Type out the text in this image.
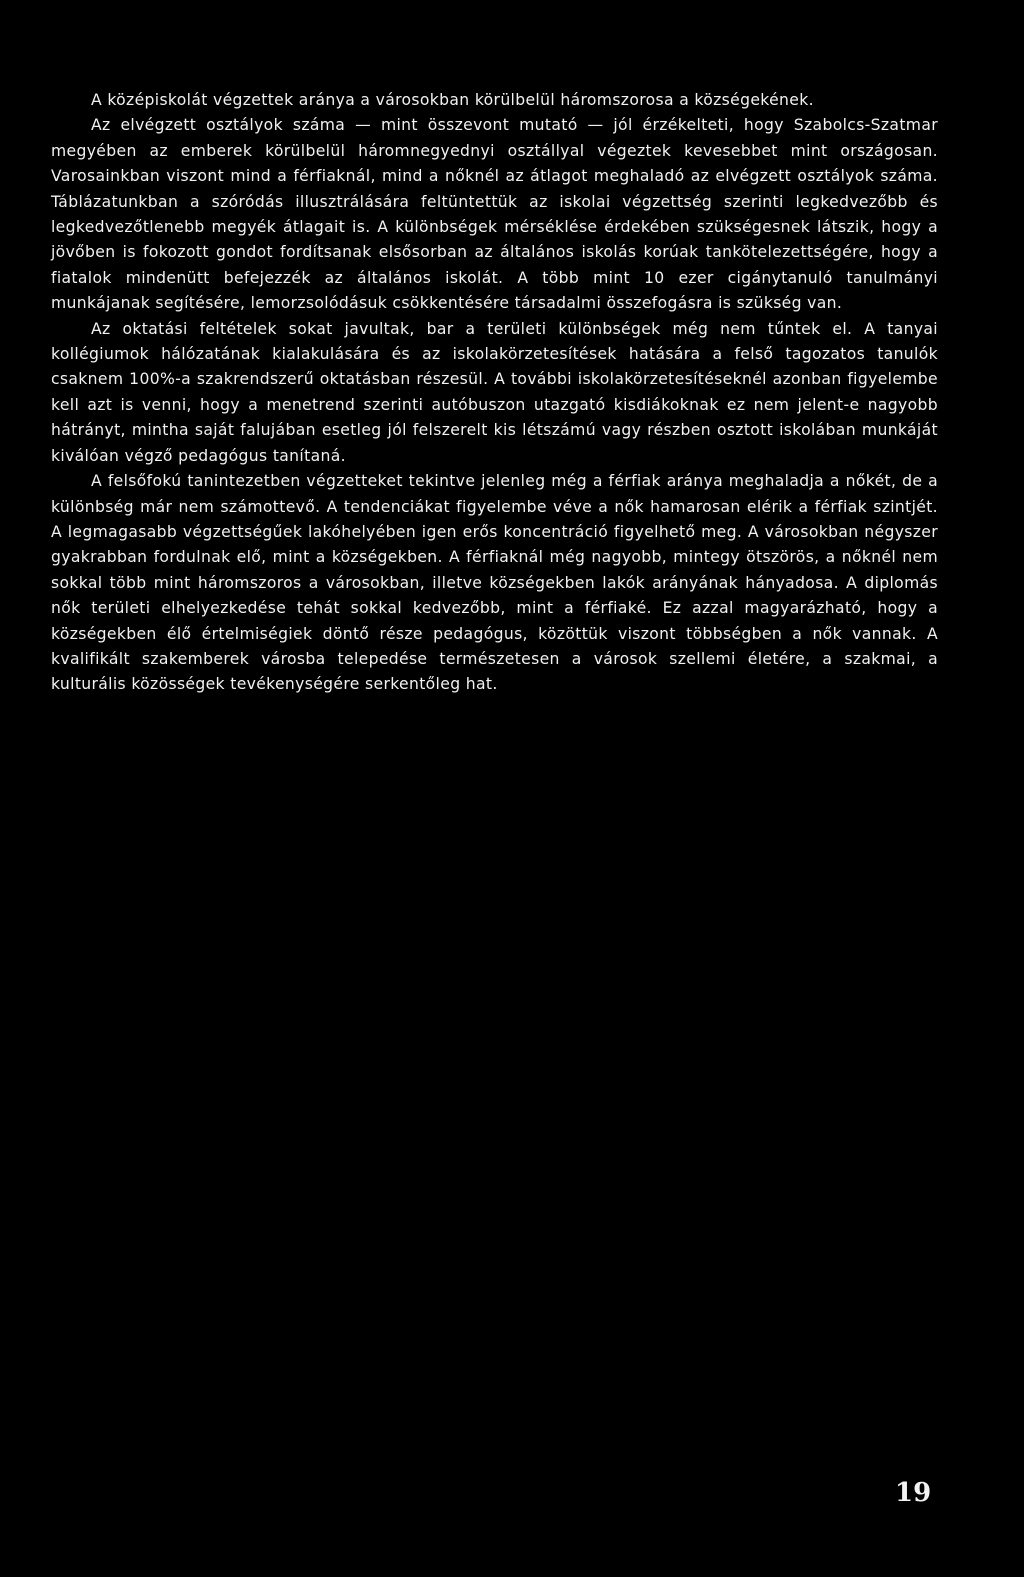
A középiskolát végzettek aránya a városokban körülbelül háromszorosa a községekének.

Az elvégzett osztályok száma — mint összevont mutató — jól érzékelteti, hogy Szabolcs-Szatmar megyében az emberek körülbelül háromnegyednyi osztállyal végeztek kevesebbet mint országosan. Varosainkban viszont mind a férfiaknál, mind a nőknél az átlagot meghaladó az elvégzett osztályok száma. Táblázatunkban a szóródás illusztrálására feltüntettük az iskolai végzettség szerinti legkedvezőbb és legkedvezőtlenebb megyék átlagait is. A különbségek mérséklése érdekében szükségesnek látszik, hogy a jövőben is fokozott gondot fordítsanak elsősorban az általános iskolás korúak tankötelezettségére, hogy a fiatalok mindenütt befejezzék az általános iskolát. A több mint 10 ezer cigánytanuló tanulmányi munkájanak segítésére, lemorzsolódásuk csökkentésére társadalmi összefogásra is szükség van.

Az oktatási feltételek sokat javultak, bar a területi különbségek még nem tűntek el. A tanyai kollégiumok hálózatának kialakulására és az iskolakörzetesítések hatására a felső tagozatos tanulók csaknem 100%-a szakrendszerű oktatásban részesül. A további iskolakörzetesítéseknél azonban figyelembe kell azt is venni, hogy a menetrend szerinti autóbuszon utazgató kisdiákoknak ez nem jelent-e nagyobb hátrányt, mintha saját falujában esetleg jól felszerelt kis létszámú vagy részben osztott iskolában munkáját kiválóan végző pedagógus tanítaná.

A felsőfokú tanintezetben végzetteket tekintve jelenleg még a férfiak aránya meghaladja a nőkét, de a különbség már nem számottevő. A tendenciákat figyelembe véve a nők hamarosan elérik a férfiak szintjét. A legmagasabb végzettségűek lakóhelyében igen erős koncentráció figyelhető meg. A városokban négyszer gyakrabban fordulnak elő, mint a községekben. A férfiaknál még nagyobb, mintegy ötszörös, a nőknél nem sokkal több mint háromszoros a városokban, illetve községekben lakók arányának hányadosa. A diplomás nők területi elhelyezkedése tehát sokkal kedvezőbb, mint a férfiaké. Ez azzal magyarázható, hogy a községekben élő értelmiségiek döntő része pedagógus, közöttük viszont többségben a nők vannak. A kvalifikált szakemberek városba telepedése természetesen a városok szellemi életére, a szakmai, a kulturális közösségek tevékenységére serkentőleg hat.

19
